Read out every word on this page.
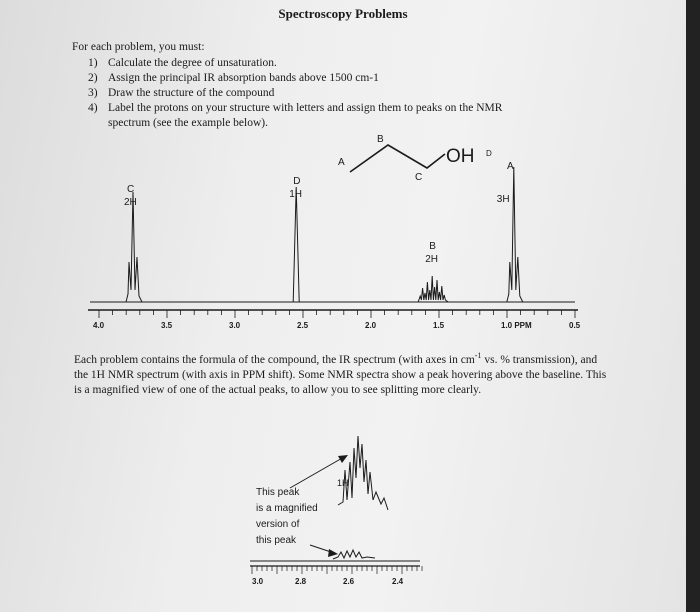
Spectroscopy Problems
For each problem, you must:
1) Calculate the degree of unsaturation.
2) Assign the principal IR absorption bands above 1500 cm-1
3) Draw the structure of the compound
4) Label the protons on your structure with letters and assign them to peaks on the NMR
spectrum (see the example below).
A
B
C
OH D
A
4.0	3.5	3.0	2.5	2.0	1.5	1.0 PPM	0.5
C
2H
D
1H
B
2H
3H
1H
This peak
is a magnified
version of
this peak
3.0	2.8	2.6	2.4

Each problem contains the formula of the compound, the IR spectrum (with axes in $cm^{-1}$ vs. % transmission), and the 1H NMR spectrum (with axis in PPM shift). Some NMR spectra show a peak hovering above the baseline. This is a magnified view of one of the actual peaks, to allow you to see splitting more clearly.
